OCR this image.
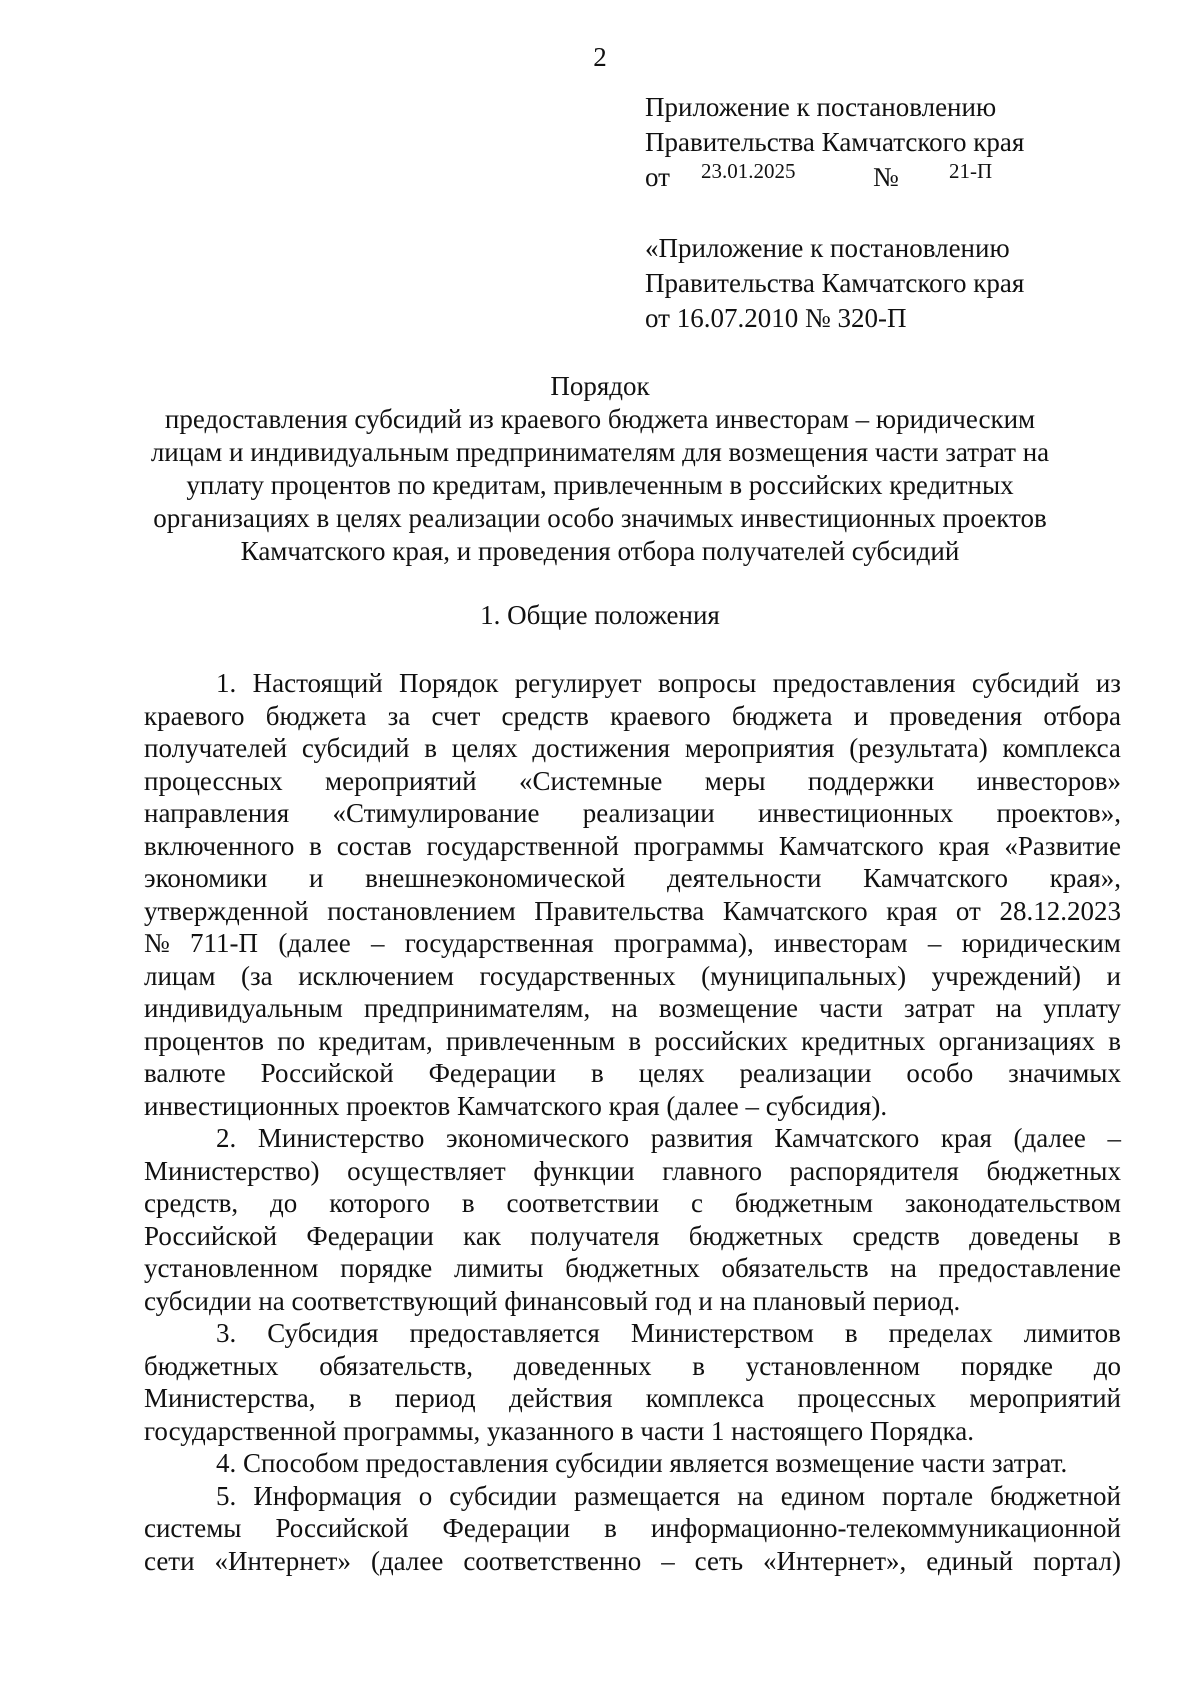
2
Приложение к постановлению
Правительства Камчатского края
от 23.01.2025	№ 21-П
«Приложение к постановлению
Правительства Камчатского края
от 16.07.2010 № 320-П
Порядок
предоставления субсидий из краевого бюджета инвесторам – юридическим
лицам и индивидуальным предпринимателям для возмещения части затрат на
уплату процентов по кредитам, привлеченным в российских кредитных
организациях в целях реализации особо значимых инвестиционных проектов
Камчатского края, и проведения отбора получателей субсидий
1. Общие положения
1. Настоящий Порядок регулирует вопросы предоставления субсидий из
краевого бюджета за счет средств краевого бюджета и проведения отбора
получателей субсидий в целях достижения мероприятия (результата) комплекса
процессных мероприятий «Системные меры поддержки инвесторов»
направления «Стимулирование реализации инвестиционных проектов»,
включенного в состав государственной программы Камчатского края «Развитие
экономики и внешнеэкономической деятельности Камчатского края»,
утвержденной постановлением Правительства Камчатского края от 28.12.2023
№ 711-П (далее – государственная программа), инвесторам – юридическим
лицам (за исключением государственных (муниципальных) учреждений) и
индивидуальным предпринимателям, на возмещение части затрат на уплату
процентов по кредитам, привлеченным в российских кредитных организациях в
валюте Российской Федерации в целях реализации особо значимых
инвестиционных проектов Камчатского края (далее – субсидия).
2. Министерство экономического развития Камчатского края (далее –
Министерство) осуществляет функции главного распорядителя бюджетных
средств, до которого в соответствии с бюджетным законодательством
Российской Федерации как получателя бюджетных средств доведены в
установленном порядке лимиты бюджетных обязательств на предоставление
субсидии на соответствующий финансовый год и на плановый период.
3. Субсидия предоставляется Министерством в пределах лимитов
бюджетных обязательств, доведенных в установленном порядке до
Министерства, в период действия комплекса процессных мероприятий
государственной программы, указанного в части 1 настоящего Порядка.
4. Способом предоставления субсидии является возмещение части затрат.
5. Информация о субсидии размещается на едином портале бюджетной
системы Российской Федерации в информационно-телекоммуникационной
сети «Интернет» (далее соответственно – сеть «Интернет», единый портал)
